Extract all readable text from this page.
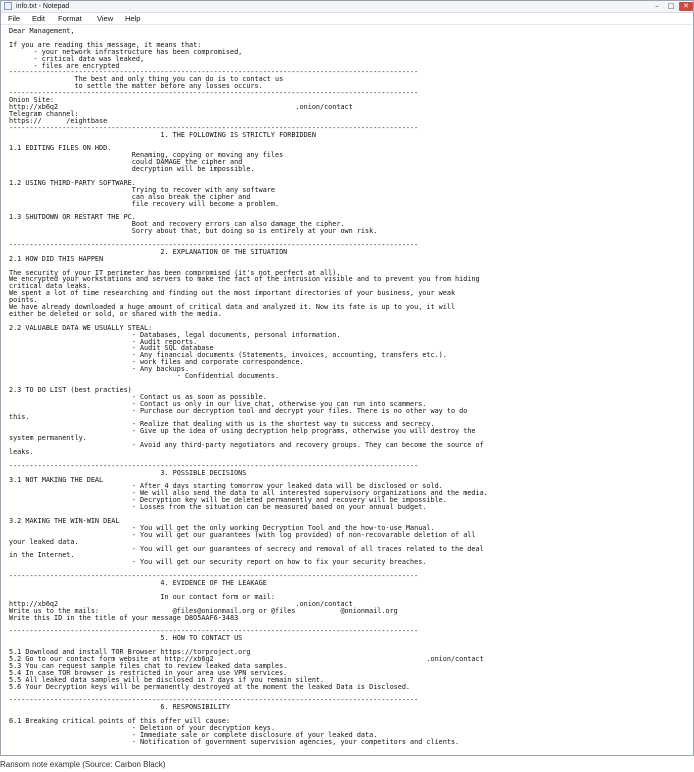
info.txt - Notepad	–	□	✕
File Edit Format View Help
Dear Management,
If you are reading this message, it means that:
- your network infrastructure has been compromised,
- critical data was leaked,
- files are encrypted
----------------------------------------------------------------------------------------------------
The best and only thing you can do is to contact us
to settle the matter before any losses occurs.
----------------------------------------------------------------------------------------------------
Onion Site:
http://xb6q2                                                          .onion/contact
Telegram channel:
https://      /eightbase
----------------------------------------------------------------------------------------------------
1. THE FOLLOWING IS STRICTLY FORBIDDEN
1.1 EDITING FILES ON HDD.
Renaming, copying or moving any files
could DAMAGE the cipher and
decryption will be impossible.
1.2 USING THIRD-PARTY SOFTWARE.
Trying to recover with any software
can also break the cipher and
file recovery will become a problem.
1.3 SHUTDOWN OR RESTART THE PC.
Boot and recovery errors can also damage the cipher.
Sorry about that, but doing so is entirely at your own risk.
----------------------------------------------------------------------------------------------------
2. EXPLANATION OF THE SITUATION
2.1 HOW DID THIS HAPPEN
The security of your IT perimeter has been compromised (it's not perfect at all).
We encrypted your workstations and servers to make the fact of the intrusion visible and to prevent you from hiding
critical data leaks.
We spent a lot of time researching and finding out the most important directories of your business, your weak
points.
We have already downloaded a huge amount of critical data and analyzed it. Now its fate is up to you, it will
either be deleted or sold, or shared with the media.
2.2 VALUABLE DATA WE USUALLY STEAL:
- Databases, legal documents, personal information.
- Audit reports.
- Audit SQL database
- Any financial documents (Statements, invoices, accounting, transfers etc.).
- work files and corporate correspondence.
- Any backups.
- Confidential documents.
2.3 TO DO LIST (best practies)
- Contact us as soon as possible.
- Contact us only in our live chat, otherwise you can run into scammers.
- Purchase our decryption tool and decrypt your files. There is no other way to do
this.
- Realize that dealing with us is the shortest way to success and secrecy.
- Give up the idea of using decryption help programs, otherwise you will destroy the
system permanently.
- Avoid any third-party negotiators and recovery groups. They can become the source of
leaks.
----------------------------------------------------------------------------------------------------
3. POSSIBLE DECISIONS
3.1 NOT MAKING THE DEAL
- After 4 days starting tomorrow your leaked data will be disclosed or sold.
- We will also send the data to all interested supervisory organizations and the media.
- Decryption key will be deleted permanently and recovery will be impossible.
- Losses from the situation can be measured based on your annual budget.
3.2 MAKING THE WIN-WIN DEAL
- You will get the only working Decryption Tool and the how-to-use Manual.
- You will get our guarantees (with log provided) of non-recovarable deletion of all
your leaked data.
- You will get our guarantees of secrecy and removal of all traces related to the deal
in the Internet.
- You will get our security report on how to fix your security breaches.
----------------------------------------------------------------------------------------------------
4. EVIDENCE OF THE LEAKAGE
In our contact form or mail:
http://xb6q2                                                          .onion/contact
Write us to the mails:                  @files@onionmail.org or @files           @onionmail.org
Write this ID in the title of your message D8O5AAF6-3483
----------------------------------------------------------------------------------------------------
5. HOW TO CONTACT US
5.1 Download and install TOR Browser https://torproject.org
5.2 Go to our contact form website at http://xb6q2                                                    .onion/contact
5.3 You can request sample files chat to review leaked data samples.
5.4 In case TOR browser is restricted in your area use VPN services.
5.5 All leaked data samples will be disclosed in 7 days if you remain silent.
5.6 Your Decryption keys will be permanently destroyed at the moment the leaked Data is Disclosed.
----------------------------------------------------------------------------------------------------
6. RESPONSIBILITY
6.1 Breaking critical points of this offer will cause:
- Deletion of your decryption keys.
- Immediate sale or complete disclosure of your leaked data.
- Notification of government supervision agencies, your competitors and clients.
Ransom note example (Source: Carbon Black)
